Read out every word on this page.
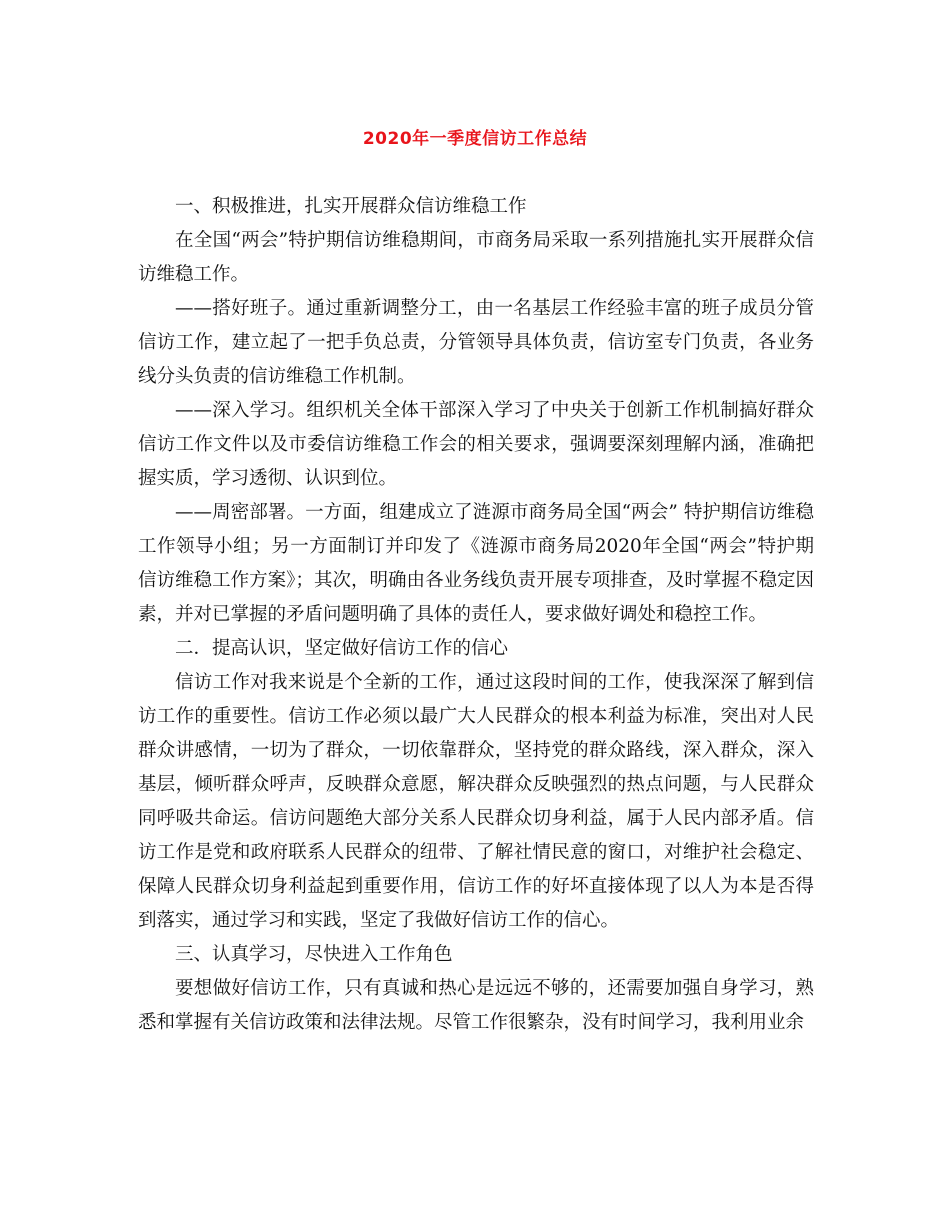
2020年一季度信访工作总结

一、积极推进，扎实开展群众信访维稳工作

在全国“两会”特护期信访维稳期间，市商务局采取一系列措施扎实开展群众信访维稳工作。

——搭好班子。通过重新调整分工，由一名基层工作经验丰富的班子成员分管信访工作，建立起了一把手负总责，分管领导具体负责，信访室专门负责，各业务线分头负责的信访维稳工作机制。

——深入学习。组织机关全体干部深入学习了中央关于创新工作机制搞好群众信访工作文件以及市委信访维稳工作会的相关要求，强调要深刻理解内涵，准确把握实质，学习透彻、认识到位。

——周密部署。一方面，组建成立了涟源市商务局全国“两会” 特护期信访维稳工作领导小组；另一方面制订并印发了《涟源市商务局2020年全国“两会”特护期信访维稳工作方案》；其次，明确由各业务线负责开展专项排查，及时掌握不稳定因素，并对已掌握的矛盾问题明确了具体的责任人，要求做好调处和稳控工作。

二．提高认识，坚定做好信访工作的信心

信访工作对我来说是个全新的工作，通过这段时间的工作，使我深深了解到信访工作的重要性。信访工作必须以最广大人民群众的根本利益为标准，突出对人民群众讲感情，一切为了群众，一切依靠群众，坚持党的群众路线，深入群众，深入基层，倾听群众呼声，反映群众意愿，解决群众反映强烈的热点问题，与人民群众同呼吸共命运。信访问题绝大部分关系人民群众切身利益，属于人民内部矛盾。信访工作是党和政府联系人民群众的纽带、了解社情民意的窗口，对维护社会稳定、保障人民群众切身利益起到重要作用，信访工作的好坏直接体现了以人为本是否得到落实，通过学习和实践，坚定了我做好信访工作的信心。

三、认真学习，尽快进入工作角色

要想做好信访工作，只有真诚和热心是远远不够的，还需要加强自身学习，熟悉和掌握有关信访政策和法律法规。尽管工作很繁杂，没有时间学习，我利用业余
